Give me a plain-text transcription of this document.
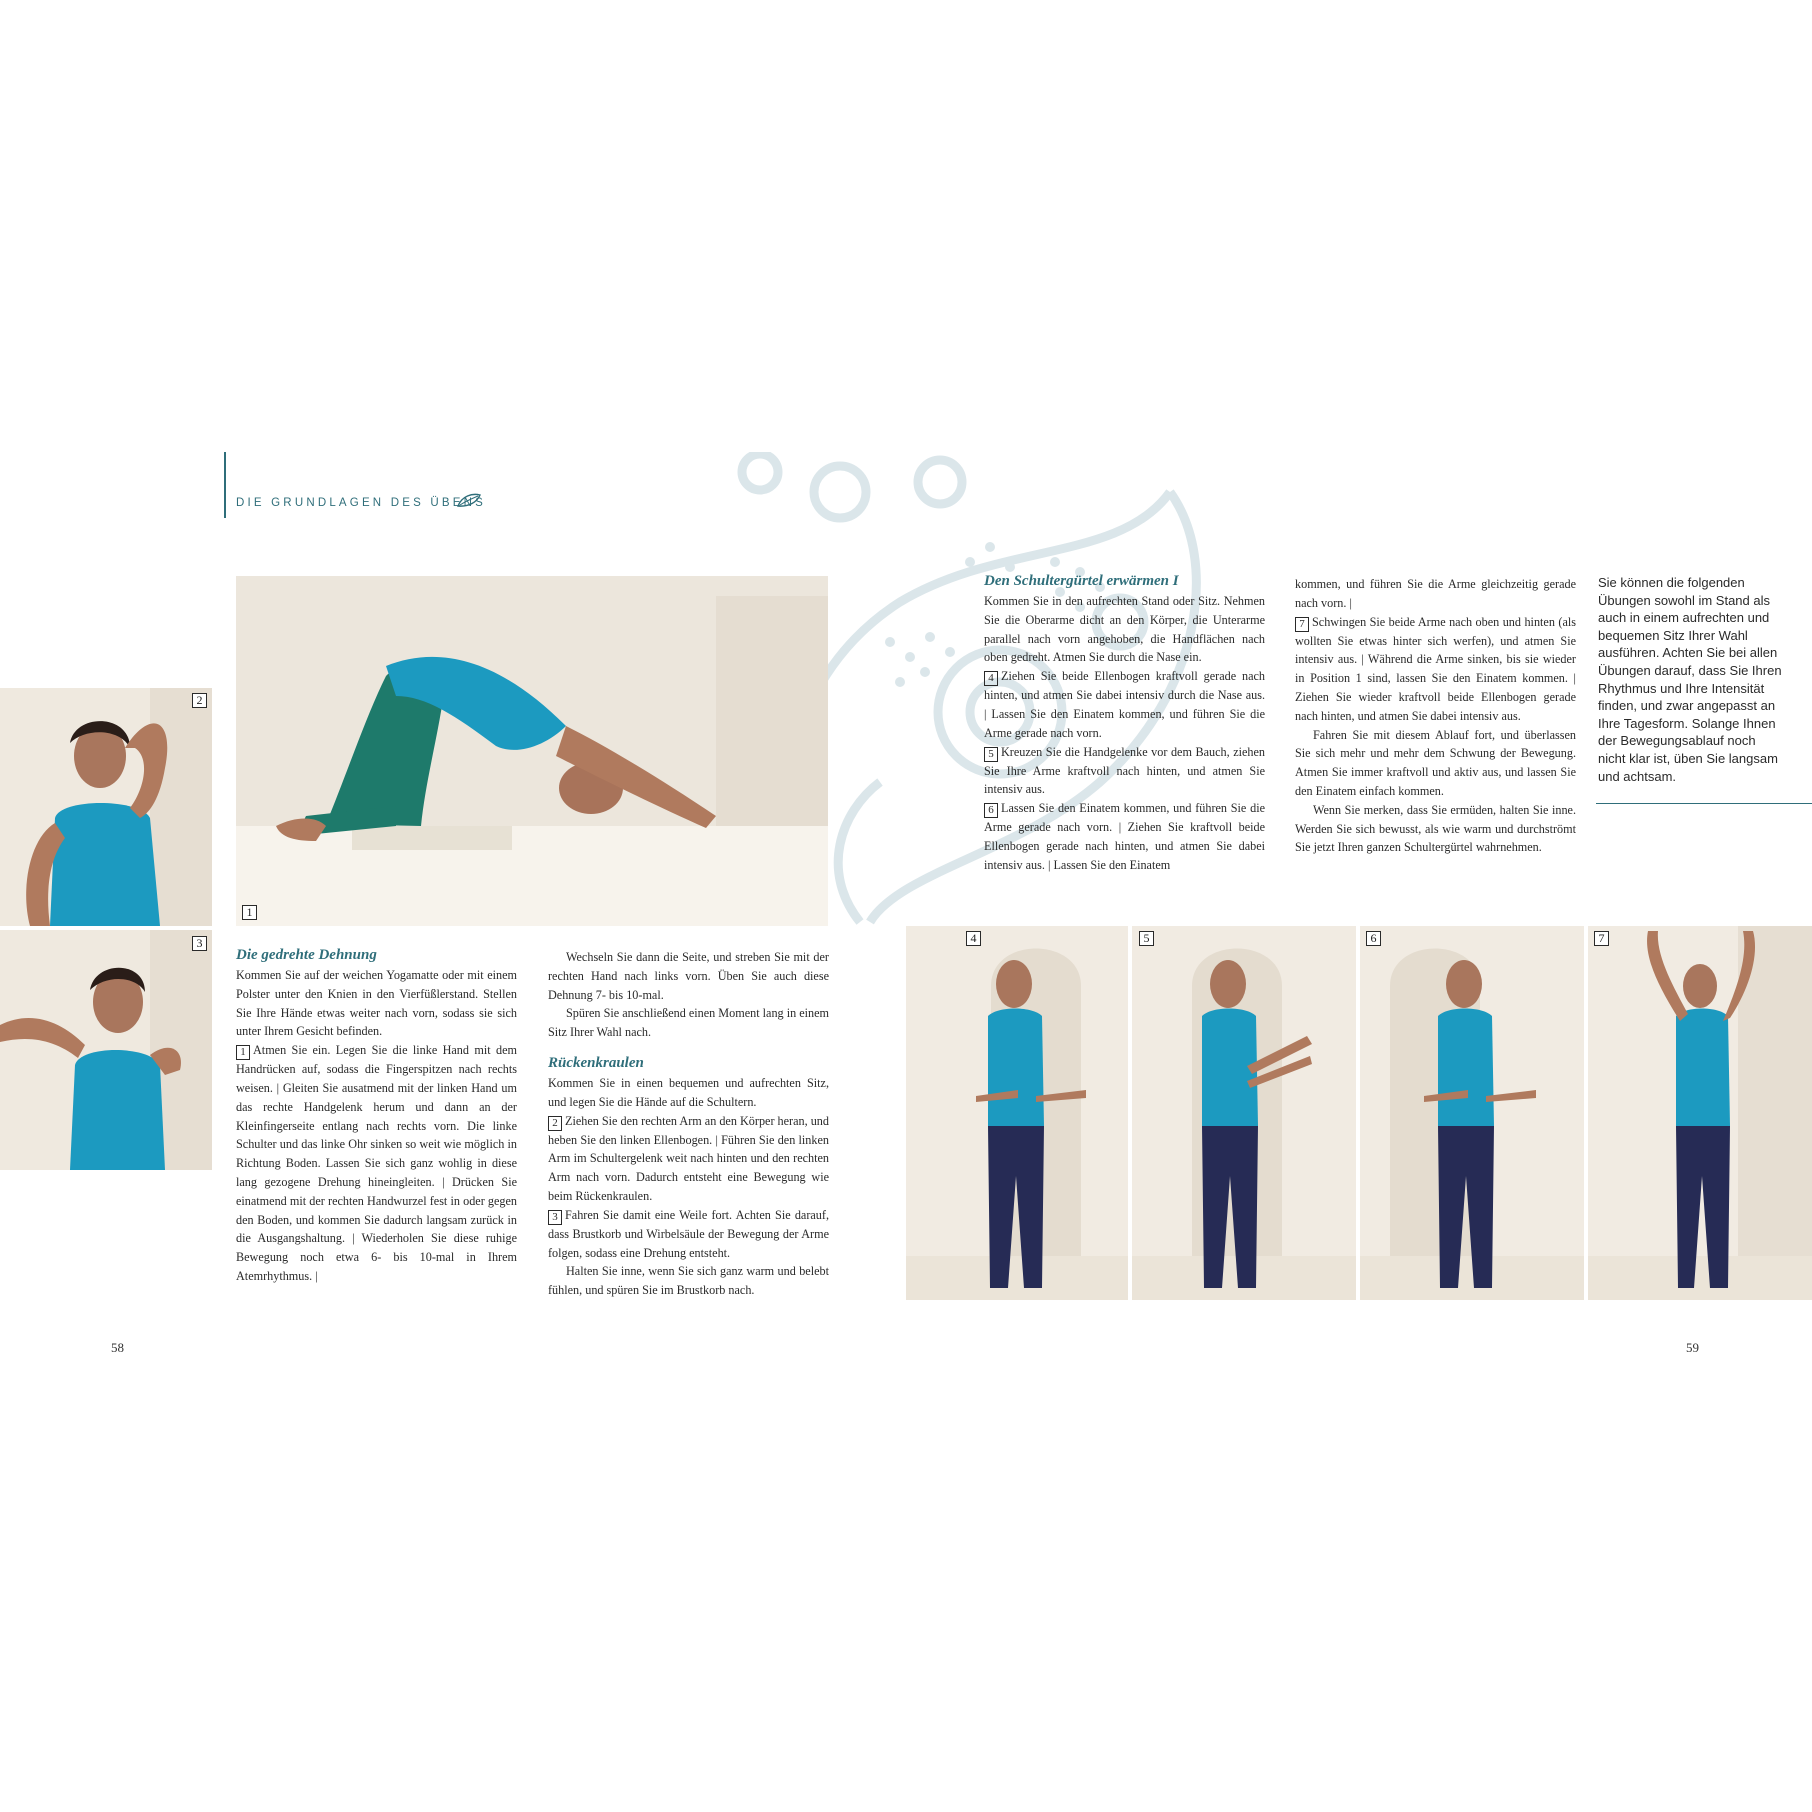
DIE GRUNDLAGEN DES ÜBENS
1
2
3	4	5	6	7

Die gedrehte Dehnung

Kommen Sie auf der weichen Yogamatte oder mit einem Polster unter den Knien in den Vierfüßlerstand. Stellen Sie Ihre Hände etwas weiter nach vorn, sodass sie sich unter Ihrem Gesicht befinden.

1 Atmen Sie ein. Legen Sie die linke Hand mit dem Handrücken auf, sodass die Fingerspitzen nach rechts weisen. | Gleiten Sie ausatmend mit der linken Hand um das rechte Handgelenk herum und dann an der Kleinfingerseite entlang nach rechts vorn. Die linke Schulter und das linke Ohr sinken so weit wie möglich in Richtung Boden. Lassen Sie sich ganz wohlig in diese lang gezogene Drehung hineingleiten. | Drücken Sie einatmend mit der rechten Handwurzel fest in oder gegen den Boden, und kommen Sie dadurch langsam zurück in die Ausgangshaltung. | Wiederholen Sie diese ruhige Bewegung noch etwa 6- bis 10-mal in Ihrem Atemrhythmus. |

Wechseln Sie dann die Seite, und streben Sie mit der rechten Hand nach links vorn. Üben Sie auch diese Dehnung 7- bis 10-mal.

Spüren Sie anschließend einen Moment lang in einem Sitz Ihrer Wahl nach.

Rückenkraulen

Kommen Sie in einen bequemen und aufrechten Sitz, und legen Sie die Hände auf die Schultern.

2 Ziehen Sie den rechten Arm an den Körper heran, und heben Sie den linken Ellenbogen. | Führen Sie den linken Arm im Schultergelenk weit nach hinten und den rechten Arm nach vorn. Dadurch entsteht eine Bewegung wie beim Rückenkraulen.

3 Fahren Sie damit eine Weile fort. Achten Sie darauf, dass Brustkorb und Wirbelsäule der Bewegung der Arme folgen, sodass eine Drehung entsteht.

Halten Sie inne, wenn Sie sich ganz warm und belebt fühlen, und spüren Sie im Brustkorb nach.

Den Schultergürtel erwärmen I

Kommen Sie in den aufrechten Stand oder Sitz. Nehmen Sie die Oberarme dicht an den Körper, die Unterarme parallel nach vorn angehoben, die Handflächen nach oben gedreht. Atmen Sie durch die Nase ein.

4 Ziehen Sie beide Ellenbogen kraftvoll gerade nach hinten, und atmen Sie dabei intensiv durch die Nase aus. | Lassen Sie den Einatem kommen, und führen Sie die Arme gerade nach vorn.

5 Kreuzen Sie die Handgelenke vor dem Bauch, ziehen Sie Ihre Arme kraftvoll nach hinten, und atmen Sie intensiv aus.

6 Lassen Sie den Einatem kommen, und führen Sie die Arme gerade nach vorn. | Ziehen Sie kraftvoll beide Ellenbogen gerade nach hinten, und atmen Sie dabei intensiv aus. | Lassen Sie den Einatem

kommen, und führen Sie die Arme gleichzeitig gerade nach vorn. |

7 Schwingen Sie beide Arme nach oben und hinten (als wollten Sie etwas hinter sich werfen), und atmen Sie intensiv aus. | Während die Arme sinken, bis sie wieder in Position 1 sind, lassen Sie den Einatem kommen. | Ziehen Sie wieder kraftvoll beide Ellenbogen gerade nach hinten, und atmen Sie dabei intensiv aus.

Fahren Sie mit diesem Ablauf fort, und überlassen Sie sich mehr und mehr dem Schwung der Bewegung. Atmen Sie immer kraftvoll und aktiv aus, und lassen Sie den Einatem einfach kommen.

Wenn Sie merken, dass Sie ermüden, halten Sie inne. Werden Sie sich bewusst, als wie warm und durchströmt Sie jetzt Ihren ganzen Schultergürtel wahrnehmen.

Sie können die folgenden Übungen sowohl im Stand als auch in einem aufrechten und bequemen Sitz Ihrer Wahl ausführen. Achten Sie bei allen Übungen darauf, dass Sie Ihren Rhythmus und Ihre Intensität finden, und zwar angepasst an Ihre Tagesform. Solange Ihnen der Bewegungsablauf noch nicht klar ist, üben Sie langsam und achtsam.
58	59
